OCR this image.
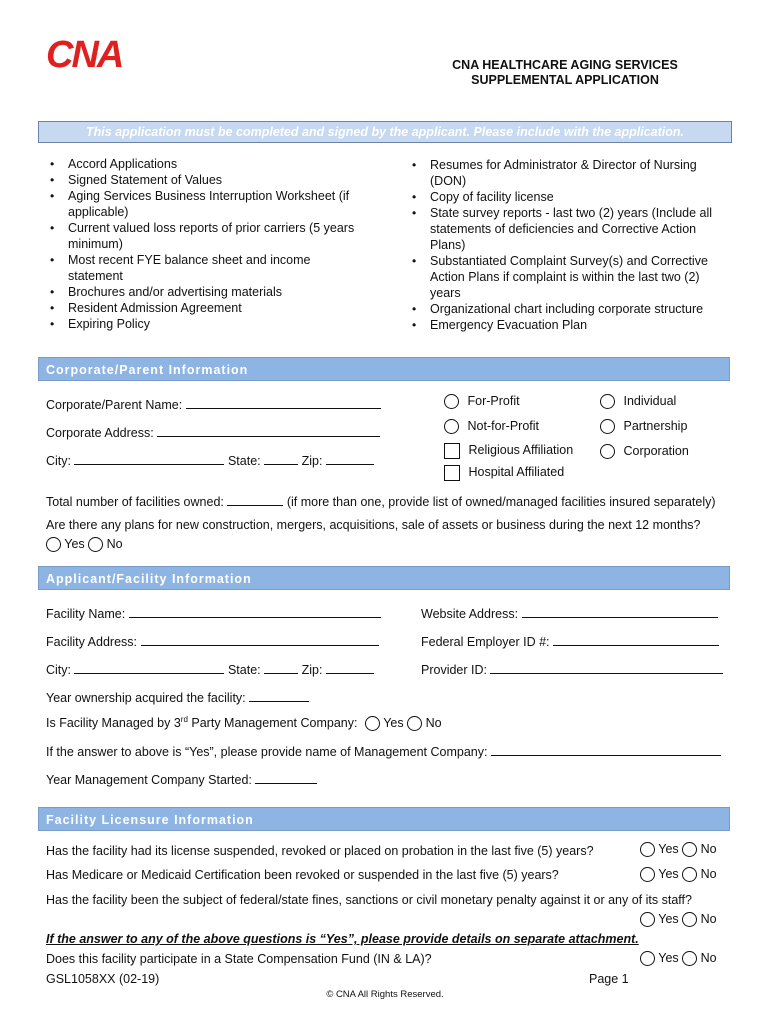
CNA	CNA HEALTHCARE AGING SERVICES
SUPPLEMENTAL APPLICATION
This application must be completed and signed by the applicant. Please include with the application.
• Accord Applications
• Signed Statement of Values
• Aging Services Business Interruption Worksheet (if applicable)
• Current valued loss reports of prior carriers (5 years minimum)
• Most recent FYE balance sheet and income statement
• Brochures and/or advertising materials
• Resident Admission Agreement
• Expiring Policy
• Resumes for Administrator & Director of Nursing (DON)
• Copy of facility license
• State survey reports - last two (2) years (Include all statements of deficiencies and Corrective Action Plans)
• Substantiated Complaint Survey(s) and Corrective Action Plans if complaint is within the last two (2) years
• Organizational chart including corporate structure
• Emergency Evacuation Plan
Corporate/Parent Information
Corporate/Parent Name:
Corporate Address:
City:	State:	Zip:
For-Profit
Not-for-Profit
Religious Affiliation
Hospital Affiliated
Individual
Partnership
Corporation
Total number of facilities owned:	(if more than one, provide list of owned/managed facilities insured separately)
Are there any plans for new construction, mergers, acquisitions, sale of assets or business during the next 12 months?
Yes No
Applicant/Facility Information
Facility Name:	Website Address:
Facility Address:	Federal Employer ID #:
City:	State:	Zip:	Provider ID:
Year ownership acquired the facility:
Is Facility Managed by 3rd Party Management Company: Yes No
If the answer to above is “Yes”, please provide name of Management Company:
Year Management Company Started:
Facility Licensure Information
Has the facility had its license suspended, revoked or placed on probation in the last five (5) years?	Yes No
Has Medicare or Medicaid Certification been revoked or suspended in the last five (5) years?	Yes No
Has the facility been the subject of federal/state fines, sanctions or civil monetary penalty against it or any of its staff?
Yes No
If the answer to any of the above questions is “Yes”, please provide details on separate attachment.
Does this facility participate in a State Compensation Fund (IN & LA)?	Yes No
GSL1058XX (02-19)	Page 1
© CNA All Rights Reserved.
